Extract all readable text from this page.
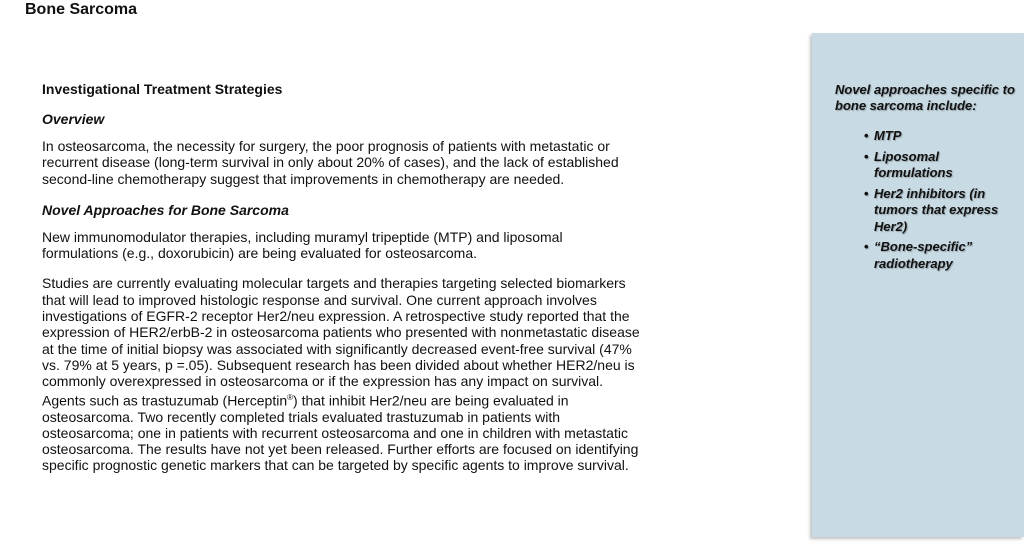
Bone Sarcoma
Investigational Treatment Strategies
Overview

In osteosarcoma, the necessity for surgery, the poor prognosis of patients with metastatic or recurrent disease (long-term survival in only about 20% of cases), and the lack of established second-line chemotherapy suggest that improvements in chemotherapy are needed.

Novel Approaches for Bone Sarcoma

New immunomodulator therapies, including muramyl tripeptide (MTP) and liposomal formulations (e.g., doxorubicin) are being evaluated for osteosarcoma.

Studies are currently evaluating molecular targets and therapies targeting selected biomarkers that will lead to improved histologic response and survival. One current approach involves investigations of EGFR-2 receptor Her2/neu expression. A retrospective study reported that the expression of HER2/erbB-2 in osteosarcoma patients who presented with nonmetastatic disease at the time of initial biopsy was associated with significantly decreased event-free survival (47% vs. 79% at 5 years, p =.05). Subsequent research has been divided about whether HER2/neu is commonly overexpressed in osteosarcoma or if the expression has any impact on survival. Agents such as trastuzumab (Herceptin®) that inhibit Her2/neu are being evaluated in osteosarcoma. Two recently completed trials evaluated trastuzumab in patients with osteosarcoma; one in patients with recurrent osteosarcoma and one in children with metastatic osteosarcoma. The results have not yet been released. Further efforts are focused on identifying specific prognostic genetic markers that can be targeted by specific agents to improve survival.

Novel approaches specific to bone sarcoma include:

• MTP
• Liposomal formulations
• Her2 inhibitors (in tumors that express Her2)
• “Bone-specific” radiotherapy
